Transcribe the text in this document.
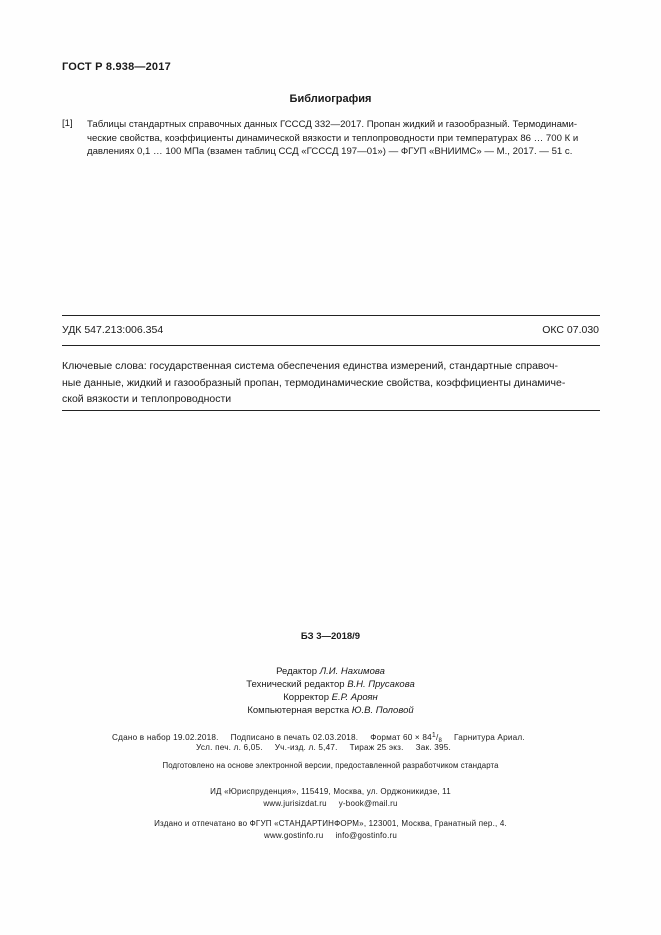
ГОСТ Р 8.938—2017
Библиография
[1] Таблицы стандартных справочных данных ГСССД 332—2017. Пропан жидкий и газообразный. Термодинами-
ческие свойства, коэффициенты динамической вязкости и теплопроводности при температурах 86 … 700 К и
давлениях 0,1 … 100 МПа (взамен таблиц ССД «ГСССД 197—01») — ФГУП «ВНИИМС» — М., 2017. — 51 с.
УДК 547.213:006.354	ОКС 07.030
Ключевые слова: государственная система обеспечения единства измерений, стандартные справоч-
ные данные, жидкий и газообразный пропан, термодинамические свойства, коэффициенты динамиче-
ской вязкости и теплопроводности
БЗ 3—2018/9
Редактор Л.И. Нахимова
Технический редактор В.Н. Прусакова
Корректор Е.Р. Ароян
Компьютерная верстка Ю.В. Половой
Сдано в набор 19.02.2018. Подписано в печать 02.03.2018. Формат $60 \times 841/_8$ Гарнитура Ариал.
Усл. печ. л. 6,05. Уч.-изд. л. 5,47. Тираж 25 экз. Зак. 395.
Подготовлено на основе электронной версии, предоставленной разработчиком стандарта
ИД «Юриспруденция», 115419, Москва, ул. Орджоникидзе, 11
www.jurisizdat.ru y-book@mail.ru
Издано и отпечатано во ФГУП «СТАНДАРТИНФОРМ», 123001, Москва, Гранатный пер., 4.
www.gostinfo.ru info@gostinfo.ru
